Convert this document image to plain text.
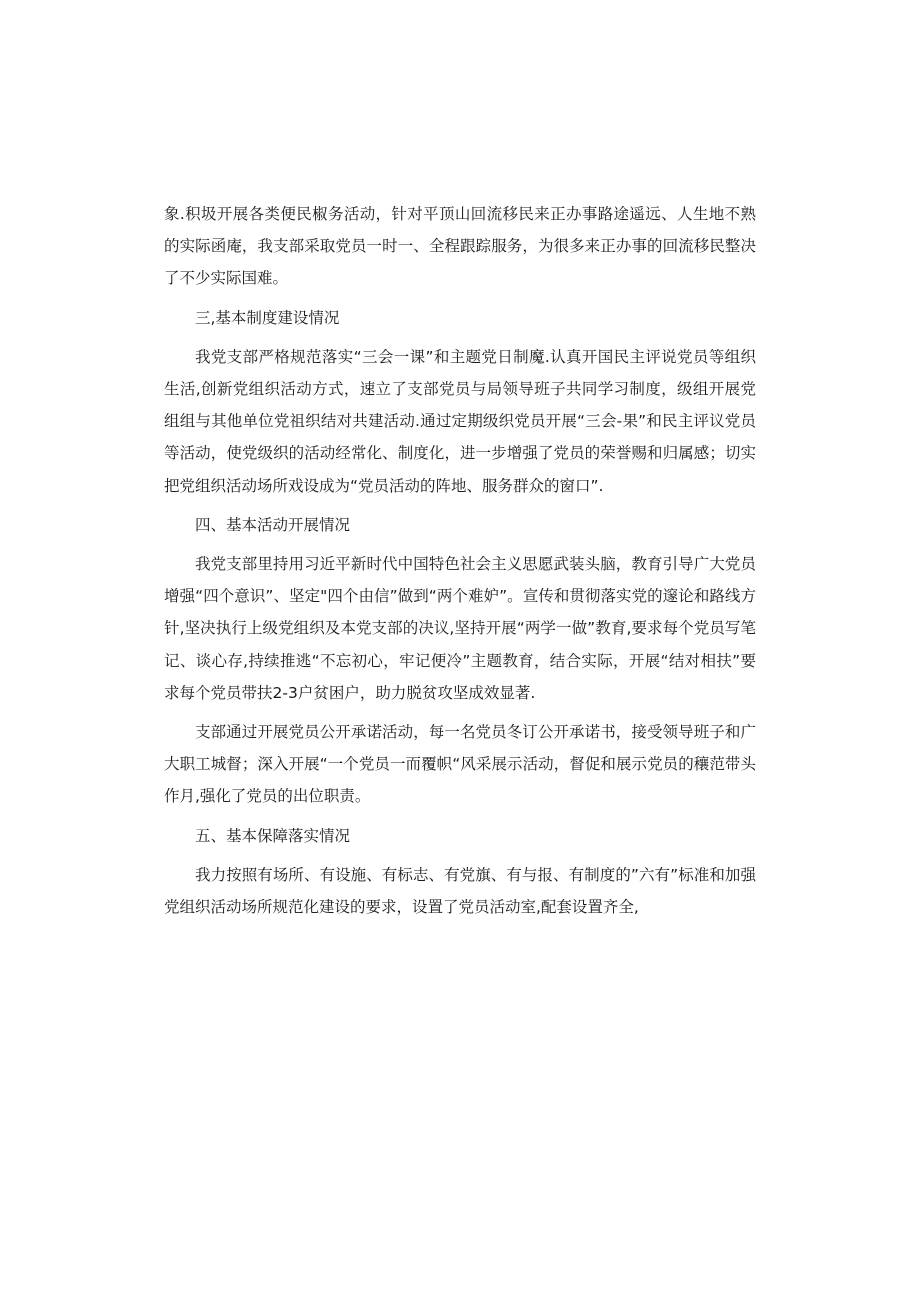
象.积圾开展各类便民椒务活动，针对平顶山回流移民来正办事路途遥远、人生地不熟的实际函庵，我支部采取党员一时一、全程跟踪服务，为很多来正办事的回流移民整决了不少实际国难。

三,基本制度建设情况

我党支部严格规范落实“三会一课”和主题党日制魔.认真开国民主评说党员等组织生活,创新党组织活动方式，速立了支部党员与局领导班子共同学习制度，级组开展党组组与其他单位党祖织结对共建活动.通过定期级织党员开展“三会-果”和民主评议党员等活动，使党级织的活动经常化、制度化，进一步增强了党员的荣誉赐和归属感；切实把党组织活动场所戏设成为“党员活动的阵地、服务群众的窗口”.

四、基本活动开展情况

我党支部里持用习近平新时代中国特色社会主义思愿武装头脑，教育引导广大党员增强“四个意识”、坚定"四个由信”做到“两个难妒”。宣传和贯彻落实党的邃论和路线方针,坚决执行上级党组织及本党支部的决议,坚持开展“两学一做”教育,要求每个党员写笔记、谈心存,持续推逃“不忘初心，牢记便冷”主题教育，结合实际，开展“结对相扶”要求每个党员带扶2-3户贫困户，助力脱贫攻坚成效显著.

支部通过开展党员公开承诺活动，每一名党员冬订公开承诺书，接受领导班子和广大职工城督；深入开展“一个党员一而覆帜“风采展示活动，督促和展示党员的穰范带头作月,强化了党员的出位职责。

五、基本保障落实情况

我力按照有场所、有设施、有标志、有党旗、有与报、有制度的”六有”标准和加强党组织活动场所规范化建设的要求，设置了党员活动室,配套设置齐全,
